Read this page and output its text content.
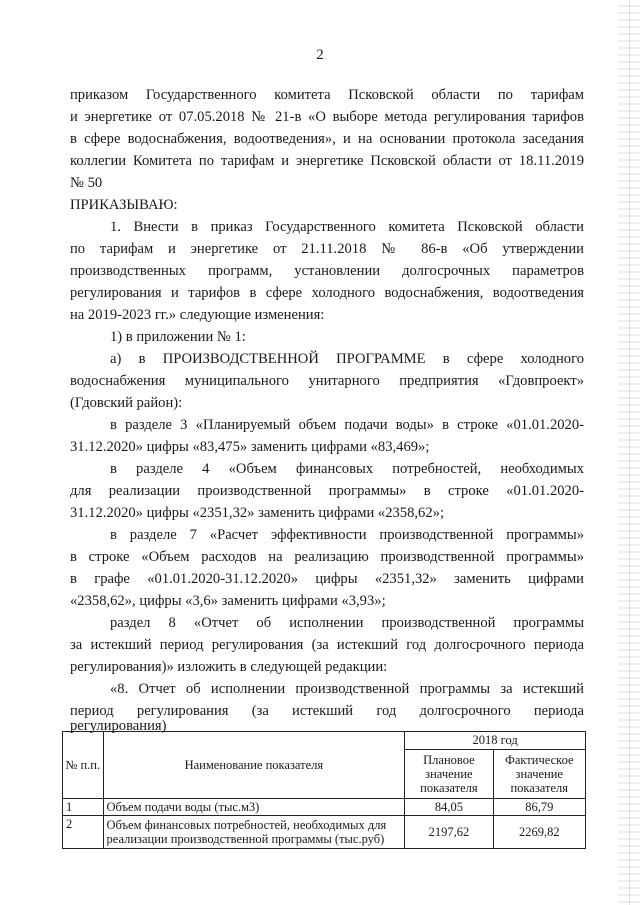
2
приказом Государственного комитета Псковской области по тарифам
и энергетике от 07.05.2018 № 21-в «О выборе метода регулирования тарифов
в сфере водоснабжения, водоотведения», и на основании протокола заседания
коллегии Комитета по тарифам и энергетике Псковской области от 18.11.2019
№ 50
ПРИКАЗЫВАЮ:
1. Внести в приказ Государственного комитета Псковской области
по тарифам и энергетике от 21.11.2018 № 86-в «Об утверждении
производственных программ, установлении долгосрочных параметров
регулирования и тарифов в сфере холодного водоснабжения, водоотведения
на 2019-2023 гг.» следующие изменения:
1) в приложении № 1:
а) в ПРОИЗВОДСТВЕННОЙ ПРОГРАММЕ в сфере холодного
водоснабжения муниципального унитарного предприятия «Гдовпроект»
(Гдовский район):
в разделе 3 «Планируемый объем подачи воды» в строке «01.01.2020-
31.12.2020» цифры «83,475» заменить цифрами «83,469»;
в разделе 4 «Объем финансовых потребностей, необходимых
для реализации производственной программы» в строке «01.01.2020-
31.12.2020» цифры «2351,32» заменить цифрами «2358,62»;
в разделе 7 «Расчет эффективности производственной программы»
в строке «Объем расходов на реализацию производственной программы»
в графе «01.01.2020-31.12.2020» цифры «2351,32» заменить цифрами
«2358,62», цифры «3,6» заменить цифрами «3,93»;
раздел 8 «Отчет об исполнении производственной программы
за истекший период регулирования (за истекший год долгосрочного периода
регулирования)» изложить в следующей редакции:
«8. Отчет об исполнении производственной программы за истекший
период регулирования (за истекший год долгосрочного периода
регулирования)
№ п.п.	Наименование показателя	2018 год	
		Плановое значение показателя	Фактическое значение показателя
1	Объем подачи воды (тыс.м3)	84,05	86,79
2	Объем финансовых потребностей, необходимых для реализации производственной программы (тыс.руб)	2197,62	2269,82
